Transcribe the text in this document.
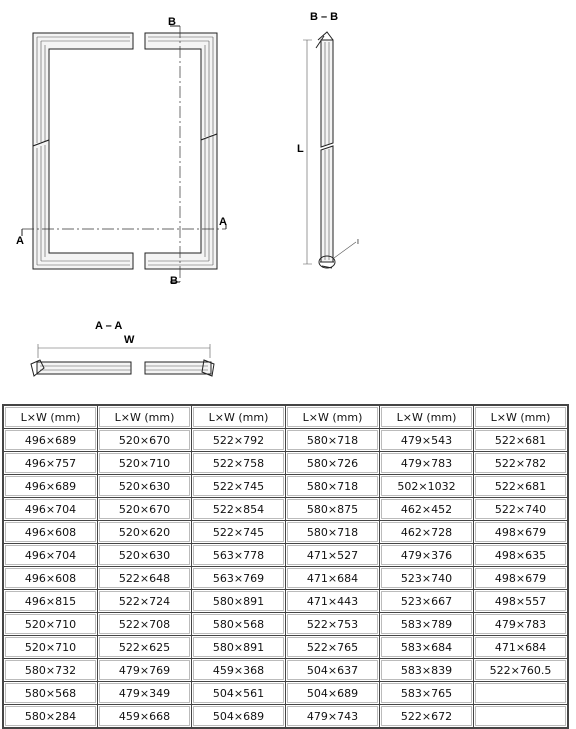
B
B
A
A
B – B
A – A
L
W
I
L×W (mm)	L×W (mm)	L×W (mm)	L×W (mm)	L×W (mm)	L×W (mm)
496×689	520×670	522×792	580×718	479×543	522×681
496×757	520×710	522×758	580×726	479×783	522×782
496×689	520×630	522×745	580×718	502×1032	522×681
496×704	520×670	522×854	580×875	462×452	522×740
496×608	520×620	522×745	580×718	462×728	498×679
496×704	520×630	563×778	471×527	479×376	498×635
496×608	522×648	563×769	471×684	523×740	498×679
496×815	522×724	580×891	471×443	523×667	498×557
520×710	522×708	580×568	522×753	583×789	479×783
520×710	522×625	580×891	522×765	583×684	471×684
580×732	479×769	459×368	504×637	583×839	522×760.5
580×568	479×349	504×561	504×689	583×765	
580×284	459×668	504×689	479×743	522×672	
